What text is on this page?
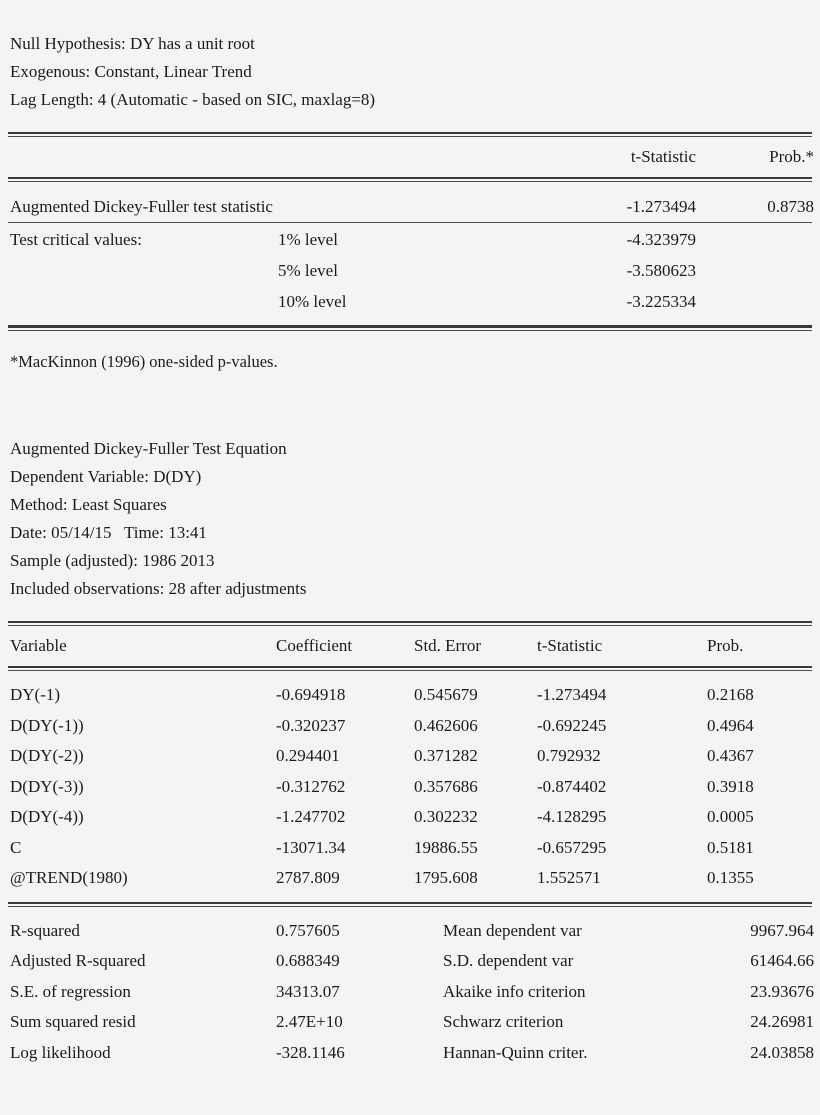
Null Hypothesis: DY has a unit root
Exogenous: Constant, Linear Trend
Lag Length: 4 (Automatic - based on SIC, maxlag=8)
		t-Statistic	Prob.*
Augmented Dickey-Fuller test statistic		-1.273494	0.8738
Test critical values:	1% level	-4.323979	
	5% level	-3.580623	
	10% level	-3.225334	
*MacKinnon (1996) one-sided p-values.
Augmented Dickey-Fuller Test Equation
Dependent Variable: D(DY)
Method: Least Squares
Date: 05/14/15   Time: 13:41
Sample (adjusted): 1986 2013
Included observations: 28 after adjustments
Variable	Coefficient	Std. Error	t-Statistic	Prob.
DY(-1)	-0.694918	0.545679	-1.273494	0.2168
D(DY(-1))	-0.320237	0.462606	-0.692245	0.4964
D(DY(-2))	0.294401	0.371282	0.792932	0.4367
D(DY(-3))	-0.312762	0.357686	-0.874402	0.3918
D(DY(-4))	-1.247702	0.302232	-4.128295	0.0005
C	-13071.34	19886.55	-0.657295	0.5181
@TREND(1980)	2787.809	1795.608	1.552571	0.1355
R-squared	0.757605	Mean dependent var	9967.964
Adjusted R-squared	0.688349	S.D. dependent var	61464.66
S.E. of regression	34313.07	Akaike info criterion	23.93676
Sum squared resid	2.47E+10	Schwarz criterion	24.26981
Log likelihood	-328.1146	Hannan-Quinn criter.	24.03858
